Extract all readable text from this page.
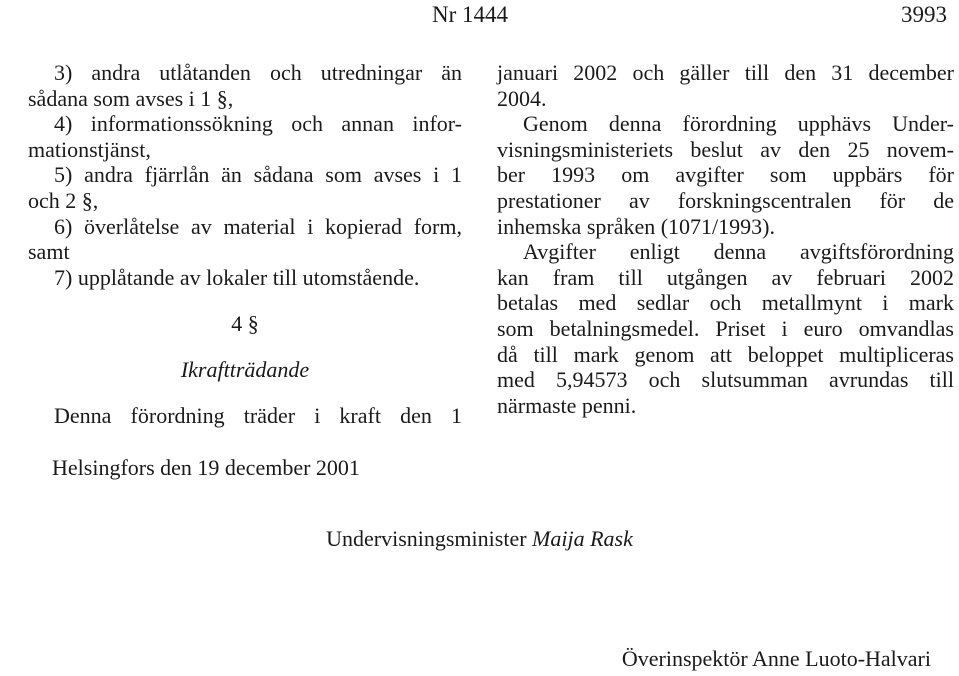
Nr 1444	3993
3) andra utlåtanden och utredningar än
sådana som avses i 1 §,
4) informationssökning och annan infor-
mationstjänst,
5) andra fjärrlån än sådana som avses i 1
och 2 §,
6) överlåtelse av material i kopierad form,
samt
7) upplåtande av lokaler till utomstående.
4 §
Ikraftträdande
Denna förordning träder i kraft den 1
januari 2002 och gäller till den 31 december
2004.
Genom denna förordning upphävs Under-
visningsministeriets beslut av den 25 novem-
ber 1993 om avgifter som uppbärs för
prestationer av forskningscentralen för de
inhemska språken (1071/1993).
Avgifter enligt denna avgiftsförordning
kan fram till utgången av februari 2002
betalas med sedlar och metallmynt i mark
som betalningsmedel. Priset i euro omvandlas
då till mark genom att beloppet multipliceras
med 5,94573 och slutsumman avrundas till
närmaste penni.
Helsingfors den 19 december 2001
Undervisningsminister Maija Rask
Överinspektör Anne Luoto-Halvari
